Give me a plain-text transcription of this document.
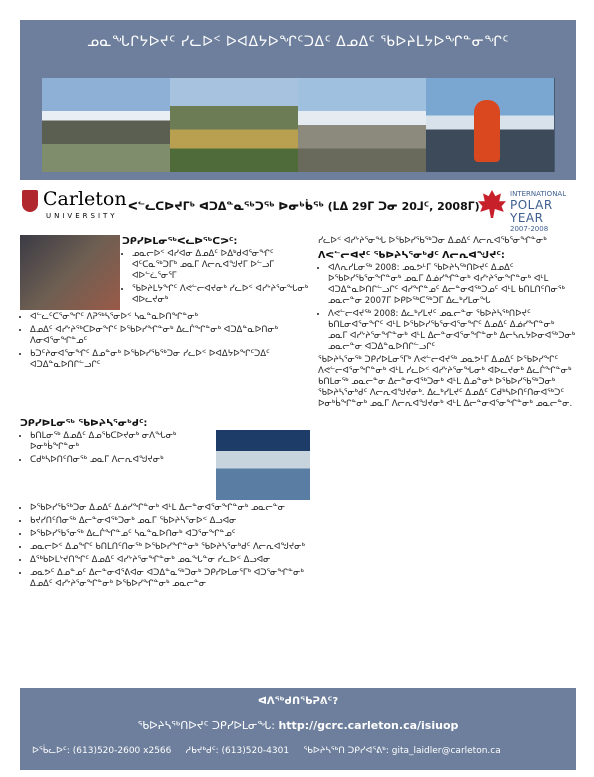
ᓄᓇᖓᒋᔭᐅᔪᑦ ᓯᓚᐅᑉ ᐅᐊᐃᔭᐅᖏᑦᑐᐃᑦ ᐃᓄᐃᑦ ᖃᐅᔨᒪᔭᐅᖏᓐᓂᖏᑦ
Carleton
UNIVERSITY
ᐸᓪᓚᑕᐅᔪᒥᒃ ᐊᑐᐃᓐᓇᖅᑐᖅ ᐅᓂᒃᑳᖅ (ᒪᐃ 29ᒥ ᑐᓂ 20ᒧᑦ, 2008ᒥ)
INTERNATIONAL
POLAR YEAR
2007-2008
ᑐᑭᓯᐅᒪᓂᖅᐸᓚᐅᖅᑕᕗᑦ:
• ᓄᓇᓕᐅᑉ ᐊᓯᐊᓂ ᐃᓄᐃᑦ ᐅᐃᒃᑯᐊᕐᓂᖏᑦ ᐊᑦᑕᓇᖅᑐᒥᒃ ᓄᓇᒥ ᐱᓕᕆᐊᖑᔪᒥ ᐅᓪᓗᒥ ᐊᐅᓪᓛᕐᓂᕐᒥ
• ᖃᐅᔨᒪᔭᖏᑦ ᐱᕙᓪᓕᐊᔪᓂᒃ ᓯᓚᐅᑉ ᐊᓯᔾᔨᕐᓂᖓᓂᒃ ᐊᐅᓚᔪᓂᒃ
• ᐊᓪᓚᑦᑕᕐᓂᖏᑦ ᐱᕈᖅᓴᕐᓂᐅᑉ ᓴᓇᓐᓇᐅᑎᖏᓐᓂᒃ
• ᐃᓄᐃᑦ ᐊᓯᔾᔨᖅᑕᐅᓂᖏᑦ ᐅᖃᐅᓯᖏᓐᓂᒃ ᐃᓚᒌᖏᓐᓂᒃ ᐊᑐᐃᓐᓇᐅᑎᓂᒃ ᐱᓂᐊᕐᓂᖏᓐᓄᑦ
• ᑲᑐᑦᔨᓂᐊᕐᓂᖏᑦ ᐃᓄᓐᓂᒃ ᐅᖃᐅᓯᖃᖅᑐᓂ ᓯᓚᐅᑉ ᐅᐊᐃᔭᐅᖏᑦᑐᐃᑦ ᐊᑐᐃᓐᓇᐅᑎᒋᓪᓗᒋᑦ
ᑐᑭᓯᐅᒪᓂᖅ ᖃᐅᔨᓴᕐᓂᒃᑯᑦ:
• ᑲᑎᒪᓂᖅ ᐃᓄᐃᑦ ᐃᓄᖃᑕᐅᔪᓂᒃ ᓂᐱᖓᓂᒃ ᐅᓂᒃᑳᖏᓐᓂᒃ
• ᑕᑯᒃᓴᐅᑎᑦᑎᓂᖅ ᓄᓇᒥ ᐱᓕᕆᐊᖑᔪᓂᒃ
• ᐅᖃᐅᓯᖃᖅᑐᓂ ᐃᓄᐃᑦ ᐃᓅᓯᖏᓐᓂᒃ ᐊᒻᒪ ᐃᓕᓐᓂᐊᕐᓂᖏᓐᓂᒃ ᓄᓇᓕᓐᓂ
• ᑲᔪᓯᑎᑦᑎᓂᖅ ᐃᓕᓐᓂᐊᖅᑐᓂᒃ ᓄᓇᒥ ᖃᐅᔨᓴᕐᓂᐅᑉ ᐃᓗᐊᓂ
• ᐅᖃᐅᓯᖃᕐᓂᖅ ᐃᓚᒌᖏᓐᓄᑦ ᓴᓇᓐᓇᐅᑎᓂᒃ ᐊᑐᕐᓂᖏᓐᓄᑦ
• ᓄᓇᓕᐅᑉ ᐃᓄᖏᑦ ᑲᑎᒪᑎᑦᑎᓂᖅ ᐅᖃᐅᓯᖏᓐᓂᒃ ᖃᐅᔨᓴᕐᓂᒃᑯᑦ ᐱᓕᕆᐊᖑᔪᓂᒃ
• ᐃᖅᑲᐅᒪᔾᔪᑎᖏᑦ ᐃᓄᐃᑦ ᐊᓯᔾᔨᕐᓂᖏᓐᓂᒃ ᓄᓇᖓᓐᓂ ᓯᓚᐅᑉ ᐃᓗᐊᓂ
• ᓄᓇᕗᑦ ᐃᓄᓐᓄᑦ ᐃᓕᓐᓂᐊᕐᕕᐊᓂ ᐊᑐᐃᓐᓇᖅᑐᓂᒃ ᑐᑭᓯᐅᒪᓂᕐᒥᒃ ᐊᑐᕐᓂᖏᓐᓂᒃ ᐃᓄᐃᑦ ᐊᓯᔾᔨᕐᓂᖏᓐᓂᒃ ᐅᖃᐅᓯᖏᓐᓂᒃ ᓄᓇᓕᓐᓂ

ᓯᓚᐅᑉ ᐊᓯᔾᔨᕐᓂᖓ ᐅᖃᐅᓯᖃᖅᑐᓂ ᐃᓄᐃᑦ ᐱᓕᕆᐊᖃᕐᓂᖏᓐᓂᒃ

ᐱᕙᓪᓕᐊᔪᑦ ᖃᐅᔨᓴᕐᓂᒃᑯᑦ ᐱᓕᕆᐊᖑᔪᑦ:
• ᐊᐱᕆᓯᒪᓂᖅ 2008: ᓄᓇᕗᒻᒥ ᖃᐅᔨᓴᖅᑎᐅᔪᑦ ᐃᓄᐃᑦ ᐅᖃᐅᓯᖃᕐᓂᖏᓐᓂᒃ ᓄᓇᒥ ᐃᓅᓯᖏᓐᓂᒃ ᐊᓯᔾᔨᕐᓂᖏᓐᓂᒃ ᐊᒻᒪ ᐊᑐᐃᓐᓇᐅᑎᒋᓪᓗᒋᑦ ᐊᓯᖏᓐᓄᑦ ᐃᓕᓐᓂᐊᖅᑐᓄᑦ ᐊᒻᒪ ᑲᑎᒪᑎᑦᑎᓂᖅ ᓄᓇᓕᓐᓂ 2007ᒥ ᐅᑭᐅᖅᑕᖅᑐᒥ ᐃᓚᒃᓯᒪᓂᖓ
• ᐱᕙᓪᓕᐊᔪᖅ 2008: ᐃᓚᒃᓯᒪᔪᑦ ᓄᓇᓕᓐᓂ ᖃᐅᔨᓴᖅᑎᐅᔪᑦ ᑲᑎᒪᓂᐊᕐᓂᖏᑦ ᐊᒻᒪ ᐅᖃᐅᓯᖃᕐᓂᐊᕐᓂᖏᑦ ᐃᓄᐃᑦ ᐃᓅᓯᖏᓐᓂᒃ ᓄᓇᒥ ᐊᓯᔾᔨᕐᓂᖏᓐᓂᒃ ᐊᒻᒪ ᐃᓕᓐᓂᐊᕐᓂᖏᓐᓂᒃ ᐃᓕᓴᕆᔭᐅᓂᐊᖅᑐᓂᒃ ᓄᓇᓕᓐᓂ ᐊᑐᐃᓐᓇᐅᑎᒋᓪᓗᒋᑦ

ᖃᐅᔨᓴᕐᓂᖅ ᑐᑭᓯᐅᒪᓂᕐᒥᒃ ᐱᕙᓪᓕᐊᔪᖅ ᓄᓇᕗᒻᒥ ᐃᓄᐃᑦ ᐅᖃᐅᓯᖏᑦ ᐱᕙᓪᓕᐊᕐᓂᖏᓐᓂᒃ ᐊᒻᒪ ᓯᓚᐅᑉ ᐊᓯᔾᔨᕐᓂᖓᓂᒃ ᐊᐅᓚᔪᓂᒃ ᐃᓚᒌᖏᓐᓂᒃ ᑲᑎᒪᓂᖅ ᓄᓇᓕᓐᓂ ᐃᓕᓐᓂᐊᖅᑐᓂᒃ ᐊᒻᒪ ᐃᓄᓐᓂᒃ ᐅᖃᐅᓯᖃᖅᑐᓂᒃ ᖃᐅᔨᓴᕐᓂᒃᑯᑦ ᐱᓕᕆᐊᖑᔪᓂᒃ. ᐃᓚᒃᓯᒪᔪᑦ ᐃᓄᐃᑦ ᑕᑯᒃᓴᐅᑎᑦᑎᓂᐊᖅᑐᑦ ᐅᓂᒃᑳᖏᓐᓂᒃ ᓄᓇᒥ ᐱᓕᕆᐊᖑᔪᓂᒃ ᐊᒻᒪ ᐃᓕᓐᓂᐊᕐᓂᖏᓐᓂᒃ ᓄᓇᓕᓐᓂ.

ᐊᐱᖅᑯᑎᖃᕈᕕᑦ?
ᖃᐅᔨᓴᖅᑎᐅᔪᑦ ᑐᑭᓯᐅᒪᓂᖓ: http://gcrc.carleton.ca/isiuop
ᐅᖄᓚᐅᑦ: (613)520-2600 x2566 ᓱᑲᔪᒃᑯᑦ: (613)520-4301 ᖃᐅᔨᓴᖅᑎ ᑐᑭᓯᐊᕐᕕᒃ: gita_laidler@carleton.ca
